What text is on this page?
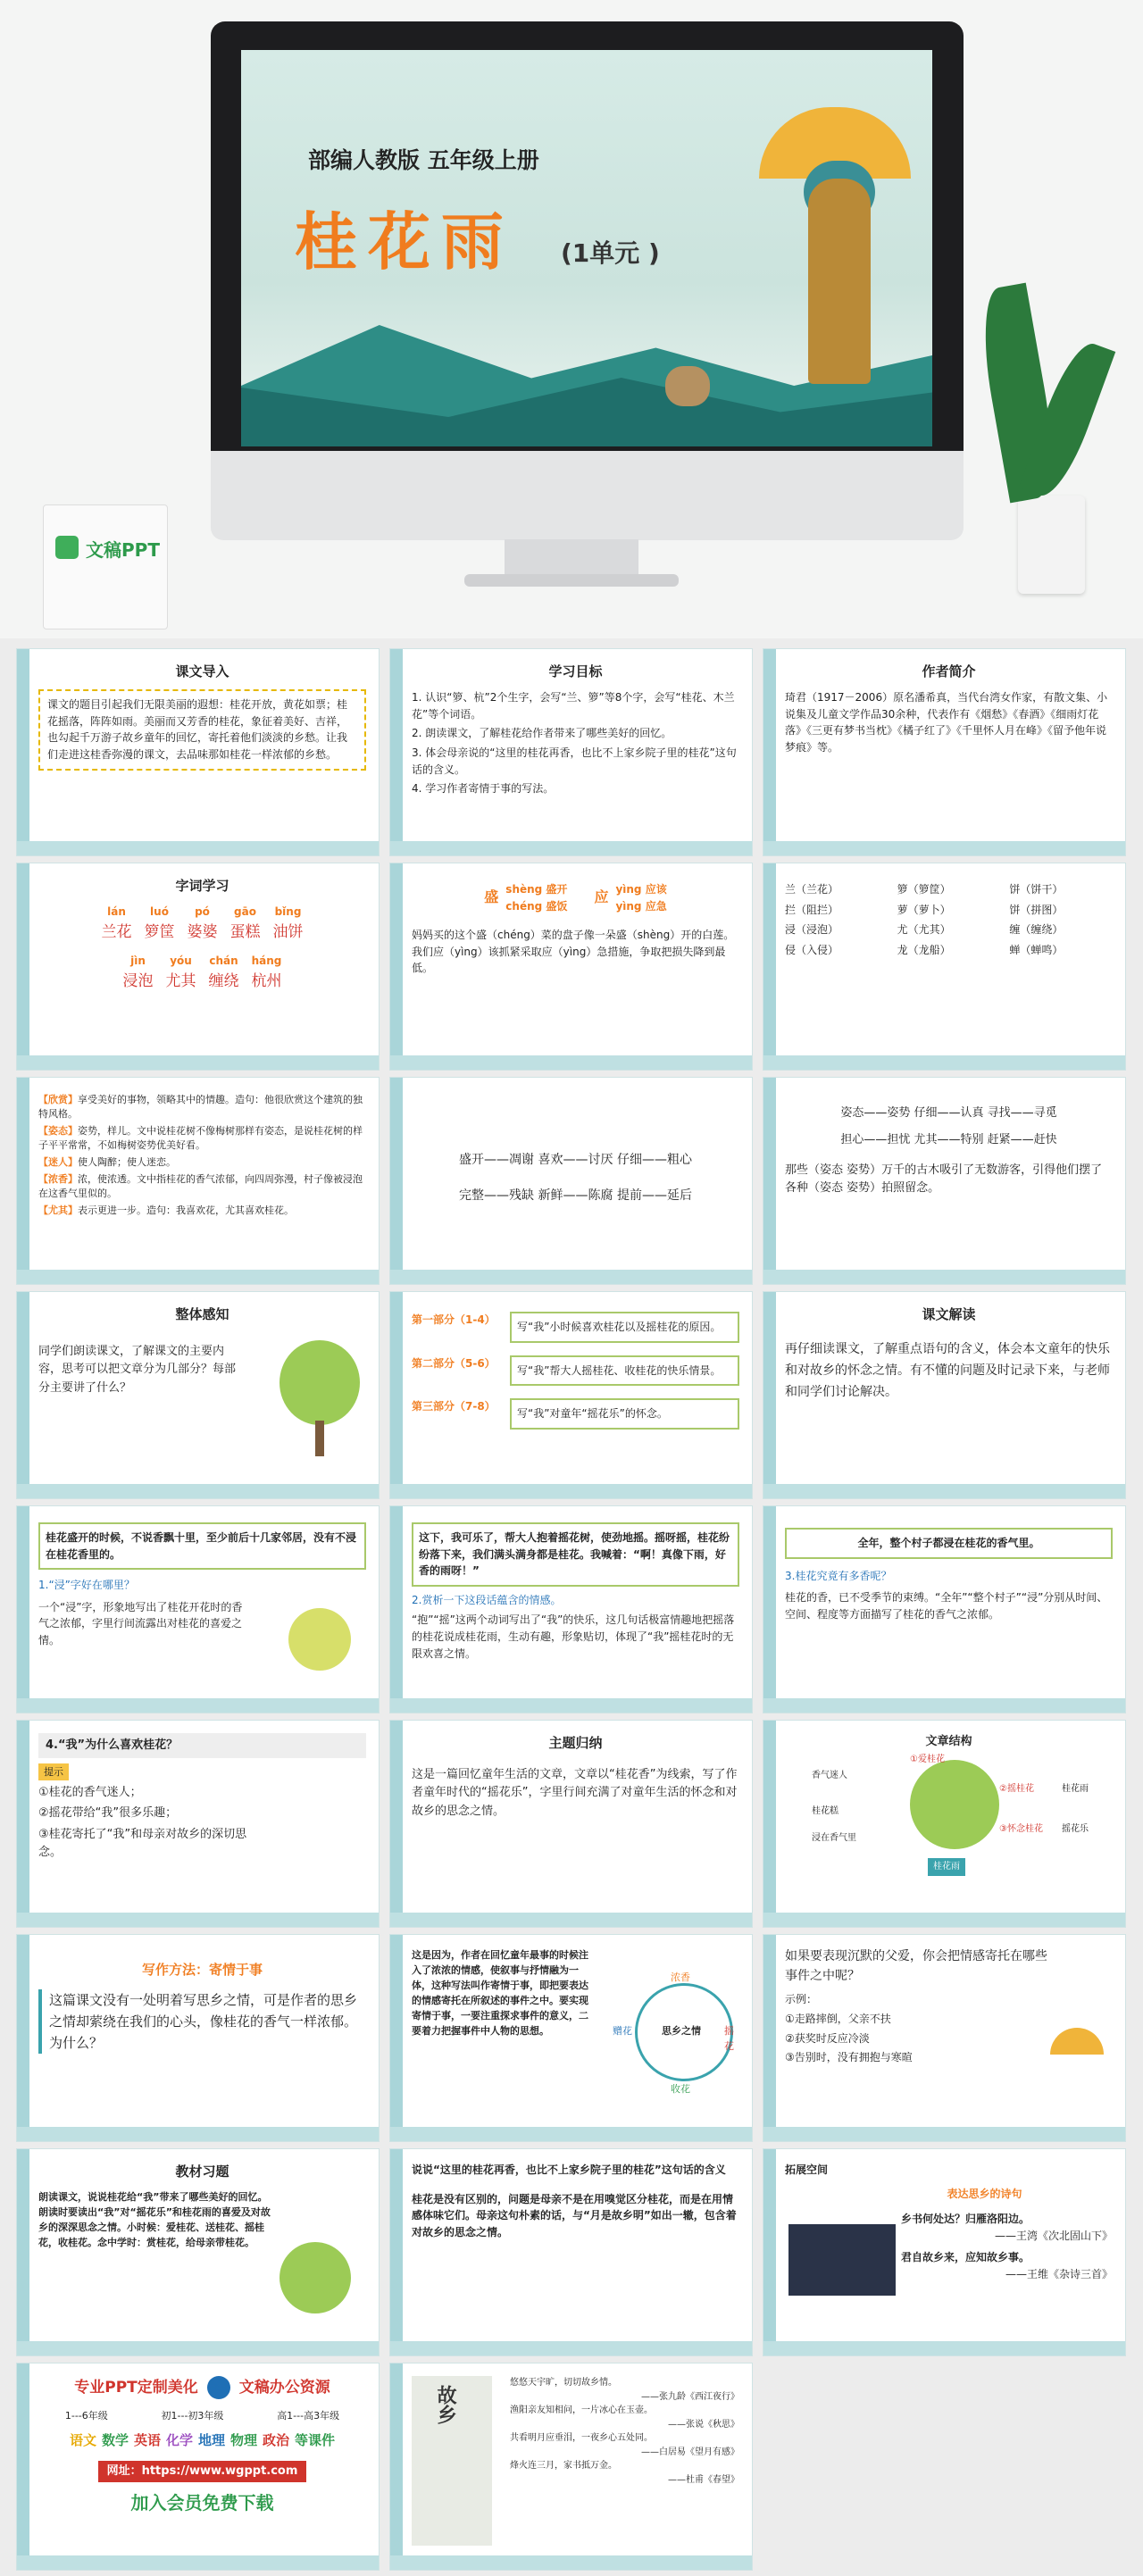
部编人教版 五年级上册
桂花雨 (1单元 )
文稿PPT
课文导入
课文的题目引起我们无限美丽的遐想：桂花开放，黄花如票；桂花摇落，阵阵如雨。美丽而又芳香的桂花，象征着美好、吉祥，也勾起千万游子故乡童年的回忆，寄托着他们淡淡的乡愁。让我们走进这桂香弥漫的课文，去品味那如桂花一样浓郁的乡愁。
学习目标
1. 认识“箩、杭”2个生字，会写“兰、箩”等8个字，会写“桂花、木兰花”等个词语。
2. 朗读课文，了解桂花给作者带来了哪些美好的回忆。
3. 体会母亲说的“这里的桂花再香，也比不上家乡院子里的桂花”这句话的含义。
4. 学习作者寄情于事的写法。
作者简介
琦君（1917－2006）原名潘希真，当代台湾女作家，有散文集、小说集及儿童文学作品30余种，代表作有《烟愁》《春酒》《细雨灯花落》《三更有梦书当枕》《橘子红了》《千里怀人月在峰》《留予他年说梦痕》等。
字词学习
lán
兰花
luó
箩筐
pó
婆婆
gāo
蛋糕
bǐng
油饼
jìn
浸泡
yóu
尤其
chán
缠绕
háng
杭州
盛 shèng 盛开
chéng 盛饭
应 yìng 应该
yìng 应急
妈妈买的这个盛（chéng）菜的盘子像一朵盛（shèng）开的白莲。我们应（yìng）该抓紧采取应（yìng）急措施，争取把损失降到最低。
兰（兰花）	箩（箩筐）	饼（饼干）
拦（阻拦）	萝（萝卜）	饼（拼图）
浸（浸泡）	尤（尤其）	缠（缠绕）
侵（入侵）	龙（龙船）	蝉（蝉鸣）
【欣赏】享受美好的事物，领略其中的情趣。造句：他很欣赏这个建筑的独特风格。
【姿态】姿势，样儿。文中说桂花树不像梅树那样有姿态，是说桂花树的样子平平常常，不如梅树姿势优美好看。
【迷人】使人陶醉；使人迷恋。
【浓香】浓，使浓透。文中指桂花的香气浓郁，向四周弥漫，村子像被浸泡在这香气里似的。
【尤其】表示更进一步。造句：我喜欢花，尤其喜欢桂花。
盛开——凋谢 喜欢——讨厌 仔细——粗心
完整——残缺 新鲜——陈腐 提前——延后
姿态——姿势 仔细——认真 寻找——寻觅
担心——担忧 尤其——特别 赶紧——赶快
那些（姿态 姿势）万千的古木吸引了无数游客，引得他们摆了各种（姿态 姿势）拍照留念。
整体感知
同学们朗读课文，了解课文的主要内容，思考可以把文章分为几部分？每部分主要讲了什么？
第一部分（1-4）
写“我”小时候喜欢桂花以及摇桂花的原因。
第二部分（5-6）
写“我”帮大人摇桂花、收桂花的快乐情景。
第三部分（7-8）
写“我”对童年“摇花乐”的怀念。
课文解读
再仔细读课文，了解重点语句的含义，体会本文童年的快乐和对故乡的怀念之情。有不懂的问题及时记录下来，与老师和同学们讨论解决。
桂花盛开的时候，不说香飘十里，至少前后十几家邻居，没有不浸在桂花香里的。
1.“浸”字好在哪里？
一个“浸”字，形象地写出了桂花开花时的香气之浓郁，字里行间流露出对桂花的喜爱之情。
这下，我可乐了，帮大人抱着摇花树，使劲地摇。摇呀摇，桂花纷纷落下来，我们满头满身都是桂花。我喊着：“啊！真像下雨，好香的雨呀！”
2.赏析一下这段话蕴含的情感。
“抱”“摇”这两个动词写出了“我”的快乐，这几句话极富情趣地把摇落的桂花说成桂花雨，生动有趣，形象贴切，体现了“我”摇桂花时的无限欢喜之情。
全年，整个村子都浸在桂花的香气里。
3.桂花究竟有多香呢？
桂花的香，已不受季节的束缚。“全年”“整个村子”“浸”分别从时间、空间、程度等方面描写了桂花的香气之浓郁。
4.“我”为什么喜欢桂花？
提示
①桂花的香气迷人；
②摇花带给“我”很多乐趣；
③桂花寄托了“我”和母亲对故乡的深切思念。
主题归纳
这是一篇回忆童年生活的文章，文章以“桂花香”为线索，写了作者童年时代的“摇花乐”，字里行间充满了对童年生活的怀念和对故乡的思念之情。
文章结构
桂花雨
①爱桂花
②摇桂花
③怀念桂花
香气迷人
桂花糕
浸在香气里
桂花雨
摇花乐
写作方法：寄情于事
这篇课文没有一处明着写思乡之情，可是作者的思乡之情却萦绕在我们的心头，像桂花的香气一样浓郁。为什么？
这是因为，作者在回忆童年最事的时候注入了浓浓的情感，使叙事与抒情融为一体，这种写法叫作寄情于事，即把要表达的情感寄托在所叙述的事件之中。要实现寄情于事，一要注重探求事件的意义，二要着力把握事件中人物的思想。	思乡之情
浓香
摇花
收花
赠花
如果要表现沉默的父爱，你会把情感寄托在哪些事件之中呢？
示例：
①走路摔倒，父亲不扶
②获奖时反应冷淡
③告别时，没有拥抱与寒暄
教材习题
朗读课文，说说桂花给“我”带来了哪些美好的回忆。朗读时要读出“我”对“摇花乐”和桂花雨的喜爱及对故乡的深深思念之情。小时候：爱桂花、送桂花、摇桂花，收桂花。念中学时：赏桂花，给母亲带桂花。
说说“这里的桂花再香，也比不上家乡院子里的桂花”这句话的含义
桂花是没有区别的，问题是母亲不是在用嗅觉区分桂花，而是在用情感体味它们。母亲这句朴素的话，与“月是故乡明”如出一辙，包含着对故乡的思念之情。
拓展空间
表达思乡的诗句
乡书何处达？归雁洛阳边。
——王湾《次北固山下》
君自故乡来，应知故乡事。
——王维《杂诗三首》
专业PPT定制美化	文稿办公资源
1---6年级	初1---初3年级	高1---高3年级
语文 数学 英语 化学 地理 物理 政治 等课件
网址：https://www.wgppt.com
加入会员免费下载
故乡
悠悠天宇旷，切切故乡情。
——张九龄《西江夜行》
渔阳亲友知相问，一片冰心在玉壶。
——张说《秋思》
共看明月应垂泪，一夜乡心五处同。
——白居易《望月有感》
烽火连三月，家书抵万金。
——杜甫《春望》
